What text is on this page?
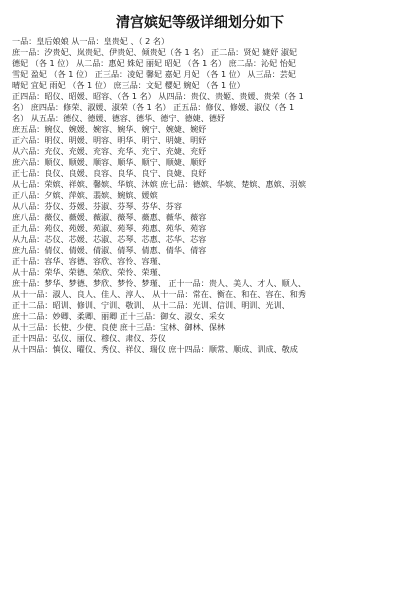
清宫嫔妃等级详细划分如下
一品：皇后娘娘 从一品：皇贵妃 、（ 2 名）
庶一品：汐贵妃、岚贵妃、伊贵妃、倾贵妃（各 1 名） 正二品：贤妃 婕妤 淑妃
德妃 （各 1 位） 从二品：惠妃 姝妃 丽妃 昭妃 （各 1 名） 庶二品：沁妃 怡妃
雪妃 盈妃 （各 1 位） 正三品：凌妃 馨妃 嘉妃 月妃 （各 1 位） 从三品：芸妃
晴妃 宜妃 雨妃 （各 1 位） 庶三品：文妃 樱妃 婉妃 （各 1 位）
正四品：昭仪、昭媛、昭容、（各 1 名） 从四品：贵仪、贵姬、贵媛、贵荣（各 1
名） 庶四品：修荣、淑媛、淑荣（各 1 名） 正五品：修仪、修媛、淑仪（各 1
名） 从五品：德仪、德媛、德容、德华、德宁、德婕、德妤
庶五品：婉仪、婉媛、婉容、婉华、婉宁、婉婕、婉妤
正六品：明仪、明媛、明容、明华、明宁、明婕、明妤
从六品：充仪、充媛、充容、充华、充宁、充婕、充妤
庶六品：顺仪、顺媛、顺容、顺华、顺宁、顺婕、顺妤
正七品：良仪、良媛、良容、良华、良宁、良婕、良妤
从七品：荣嫔、祥嫔、馨嫔、华嫔、沐嫔 庶七品：德嫔、华嫔、楚嫔、惠嫔、羽嫔
正八品：夕嫔、萍嫔、翡嫔、婉嫔、媛嫔
从八品：芬仪、芬媛、芬淑、芬琴、芬华、芬容
庶八品：薇仪、薇媛、薇淑、薇琴、薇惠、薇华、薇容
正九品：苑仪、苑媛、苑淑、苑琴、苑惠、苑华、苑容
从九品：芯仪、芯媛、芯淑、芯琴、芯惠、芯华、芯容
庶九品：倩仪、倩媛、倩淑、倩琴、倩惠、倩华、倩容
正十品：容华、容德、容欣、容怜、容瑾、
从十品：荣华、荣德、荣欣、荣怜、荣瑾、
庶十品：梦华、梦德、梦欣、梦怜、梦瑾、 正十一品：贵人、美人、才人、顺人、
从十一品：淑人、良人、佳人、淳人、 从十一品：常在、衡在、和在、容在、和秀
正十二品：昭训、修训、宁训、敬训、 从十二品：光训、信训、明训、光训、
庶十二品：妙卿、柔卿、丽卿 正十三品：御女、淑女、采女
从十三品：长使、少使、良使 庶十三品：宝林、御林、保林
正十四品：弘仪、丽仪、穆仪、肃仪、芬仪
从十四品：慎仪、曜仪、秀仪、祥仪、瑞仪 庶十四品：顺常、顺成、训成、敬成
